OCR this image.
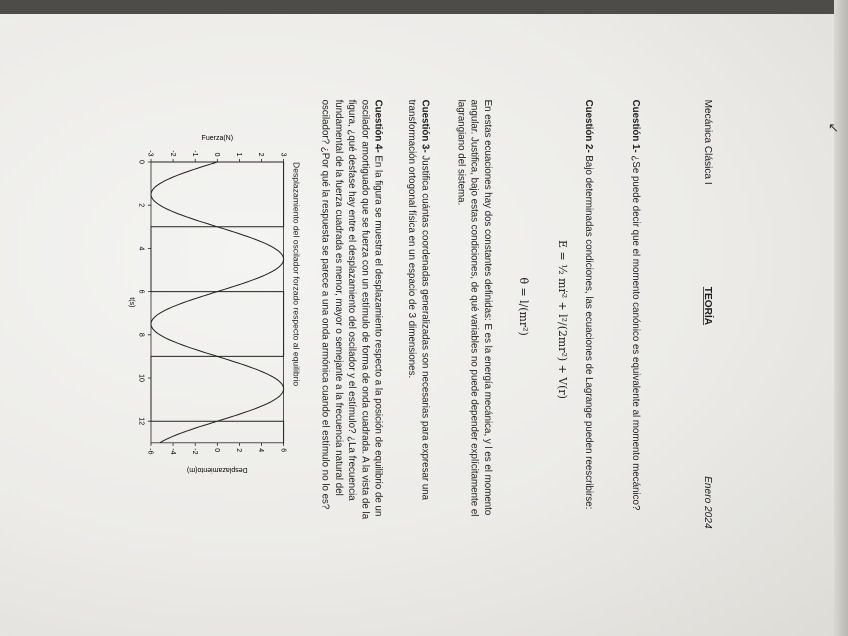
Mecánica Clásica I
TEORÍA
Enero 2024
Cuestión 1- ¿Se puede decir que el momento canónico es equivalente al momento mecánico?
Cuestión 2- Bajo determinadas condiciones, las ecuaciones de Lagrange pueden reescribirse:
E = ½ mṙ² + l²/(2mr²) + V(r)
θ̇ = l/(mr²)
En estas ecuaciones hay dos constantes definidas: E es la energía mecánica, y l es el momento angular. Justifica, bajo estas condiciones, de qué variables no puede depender explícitamente el lagrangiano del sistema.
Cuestión 3- Justifica cuántas coordenadas generalizadas son necesarias para expresar una transformación ortogonal física en un espacio de 3 dimensiones.
Cuestión 4- En la figura se muestra el desplazamiento respecto a la posición de equilibrio de un oscilador amortiguado que se fuerza con un estímulo de forma de onda cuadrada. A la vista de la figura, ¿qué desfase hay entre el desplazamiento del oscilador y el estímulo? ¿La frecuencia fundamental de la fuerza cuadrada es menor, mayor o semejante a la frecuencia natural del oscilador? ¿Por qué la respuesta se parece a una onda armónica cuando el estímulo no lo es?
Desplazamiento del oscilador forzado respecto al equilibrio
0
2
4
6
8
10
12
-3 -2 -1 0 1 2 3
-6 -4 -2 0 2 4 6
t(s)
Fuerza(N)
Desplazamiento(m)
↖
